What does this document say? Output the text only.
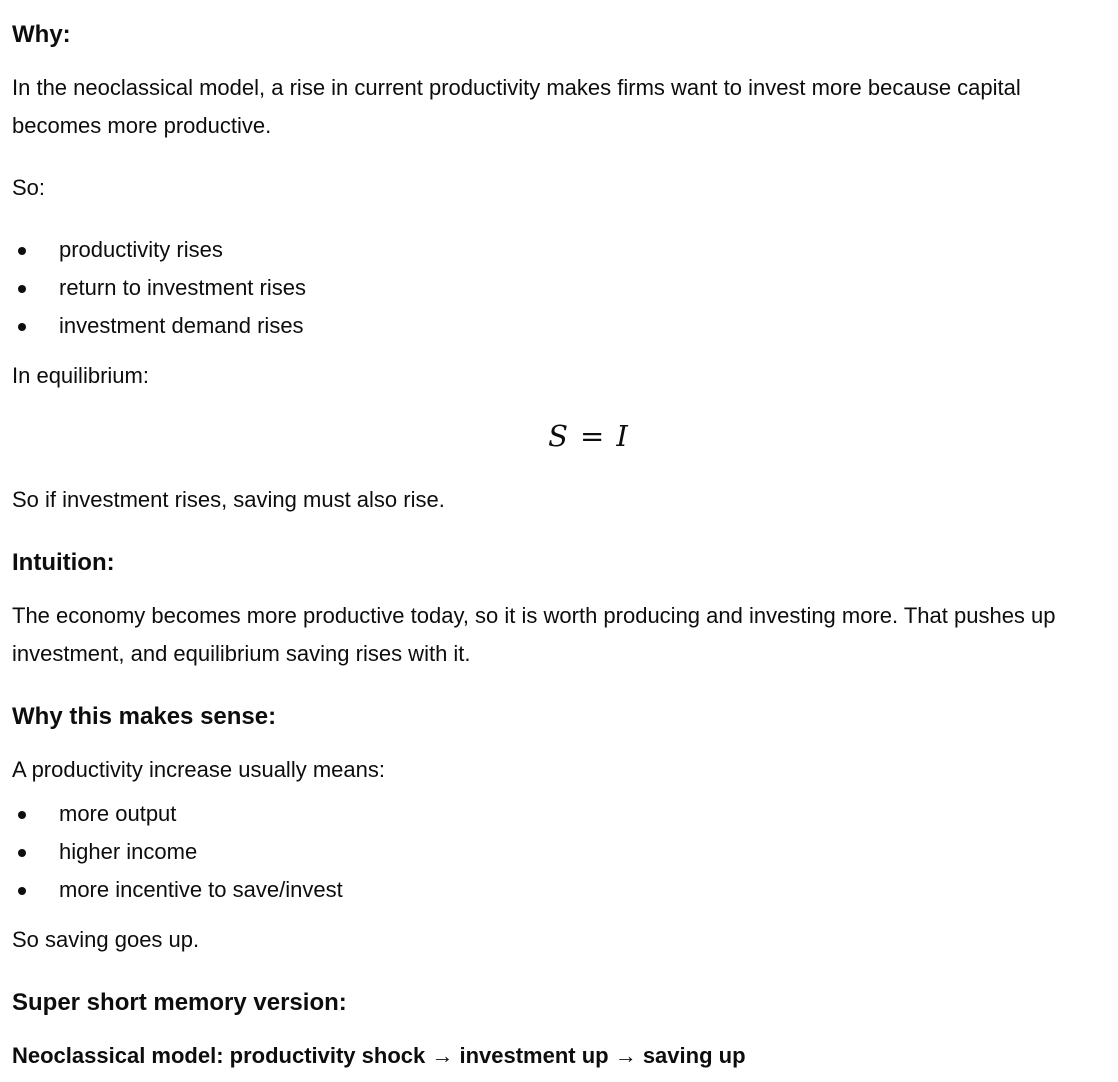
Why:
In the neoclassical model, a rise in current productivity makes firms want to invest more because capital becomes more productive.
So:
productivity rises
return to investment rises
investment demand rises
In equilibrium:
S = I
So if investment rises, saving must also rise.
Intuition:
The economy becomes more productive today, so it is worth producing and investing more. That pushes up investment, and equilibrium saving rises with it.
Why this makes sense:
A productivity increase usually means:
more output
higher income
more incentive to save/invest
So saving goes up.
Super short memory version:
Neoclassical model: productivity shock → investment up → saving up
